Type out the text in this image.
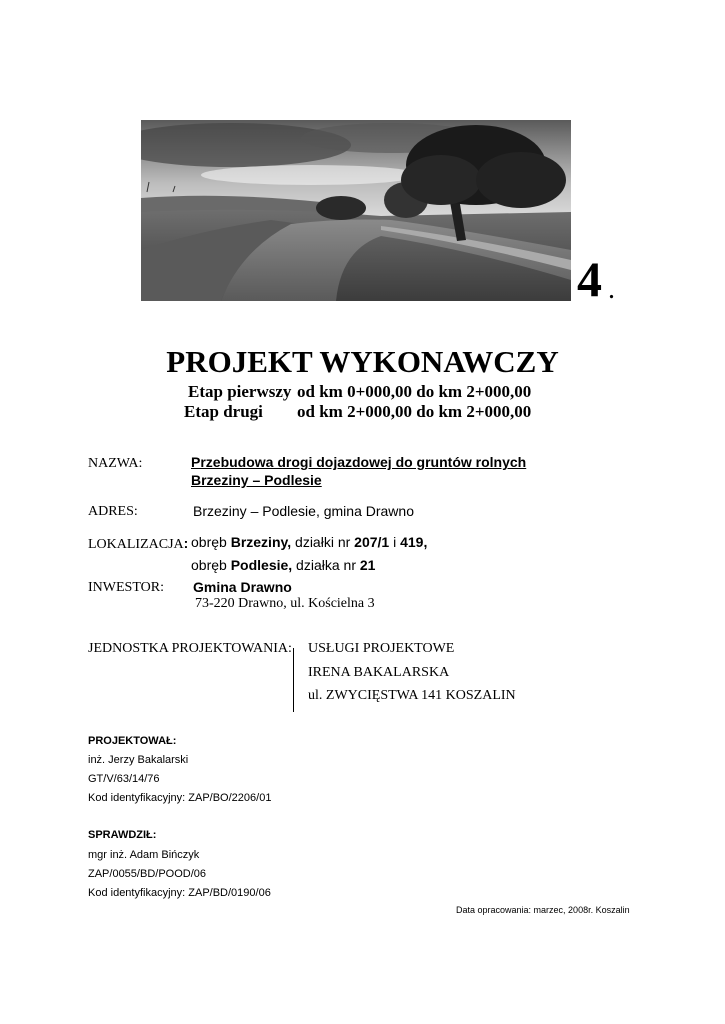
4 .
PROJEKT WYKONAWCZY
Etap pierwszy od km 0+000,00 do km 2+000,00
Etap drugi od km 2+000,00 do km 2+000,00
NAZWA:	Przebudowa drogi dojazdowej do gruntów rolnych
Brzeziny – Podlesie
ADRES:	Brzeziny – Podlesie, gmina Drawno
LOKALIZACJA: obręb Brzeziny, działki nr 207/1 i 419,
obręb Podlesie, działka nr 21
INWESTOR: Gmina Drawno
73-220 Drawno, ul. Kościelna 3
JEDNOSTKA PROJEKTOWANIA: USŁUGI PROJEKTOWE
IRENA BAKALARSKA
ul. ZWYCIĘSTWA 141 KOSZALIN
PROJEKTOWAŁ:
inż. Jerzy Bakalarski
GT/V/63/14/76
Kod identyfikacyjny: ZAP/BO/2206/01
SPRAWDZIŁ:
mgr inż. Adam Bińczyk
ZAP/0055/BD/POOD/06
Kod identyfikacyjny: ZAP/BD/0190/06
Data opracowania: marzec, 2008r. Koszalin
